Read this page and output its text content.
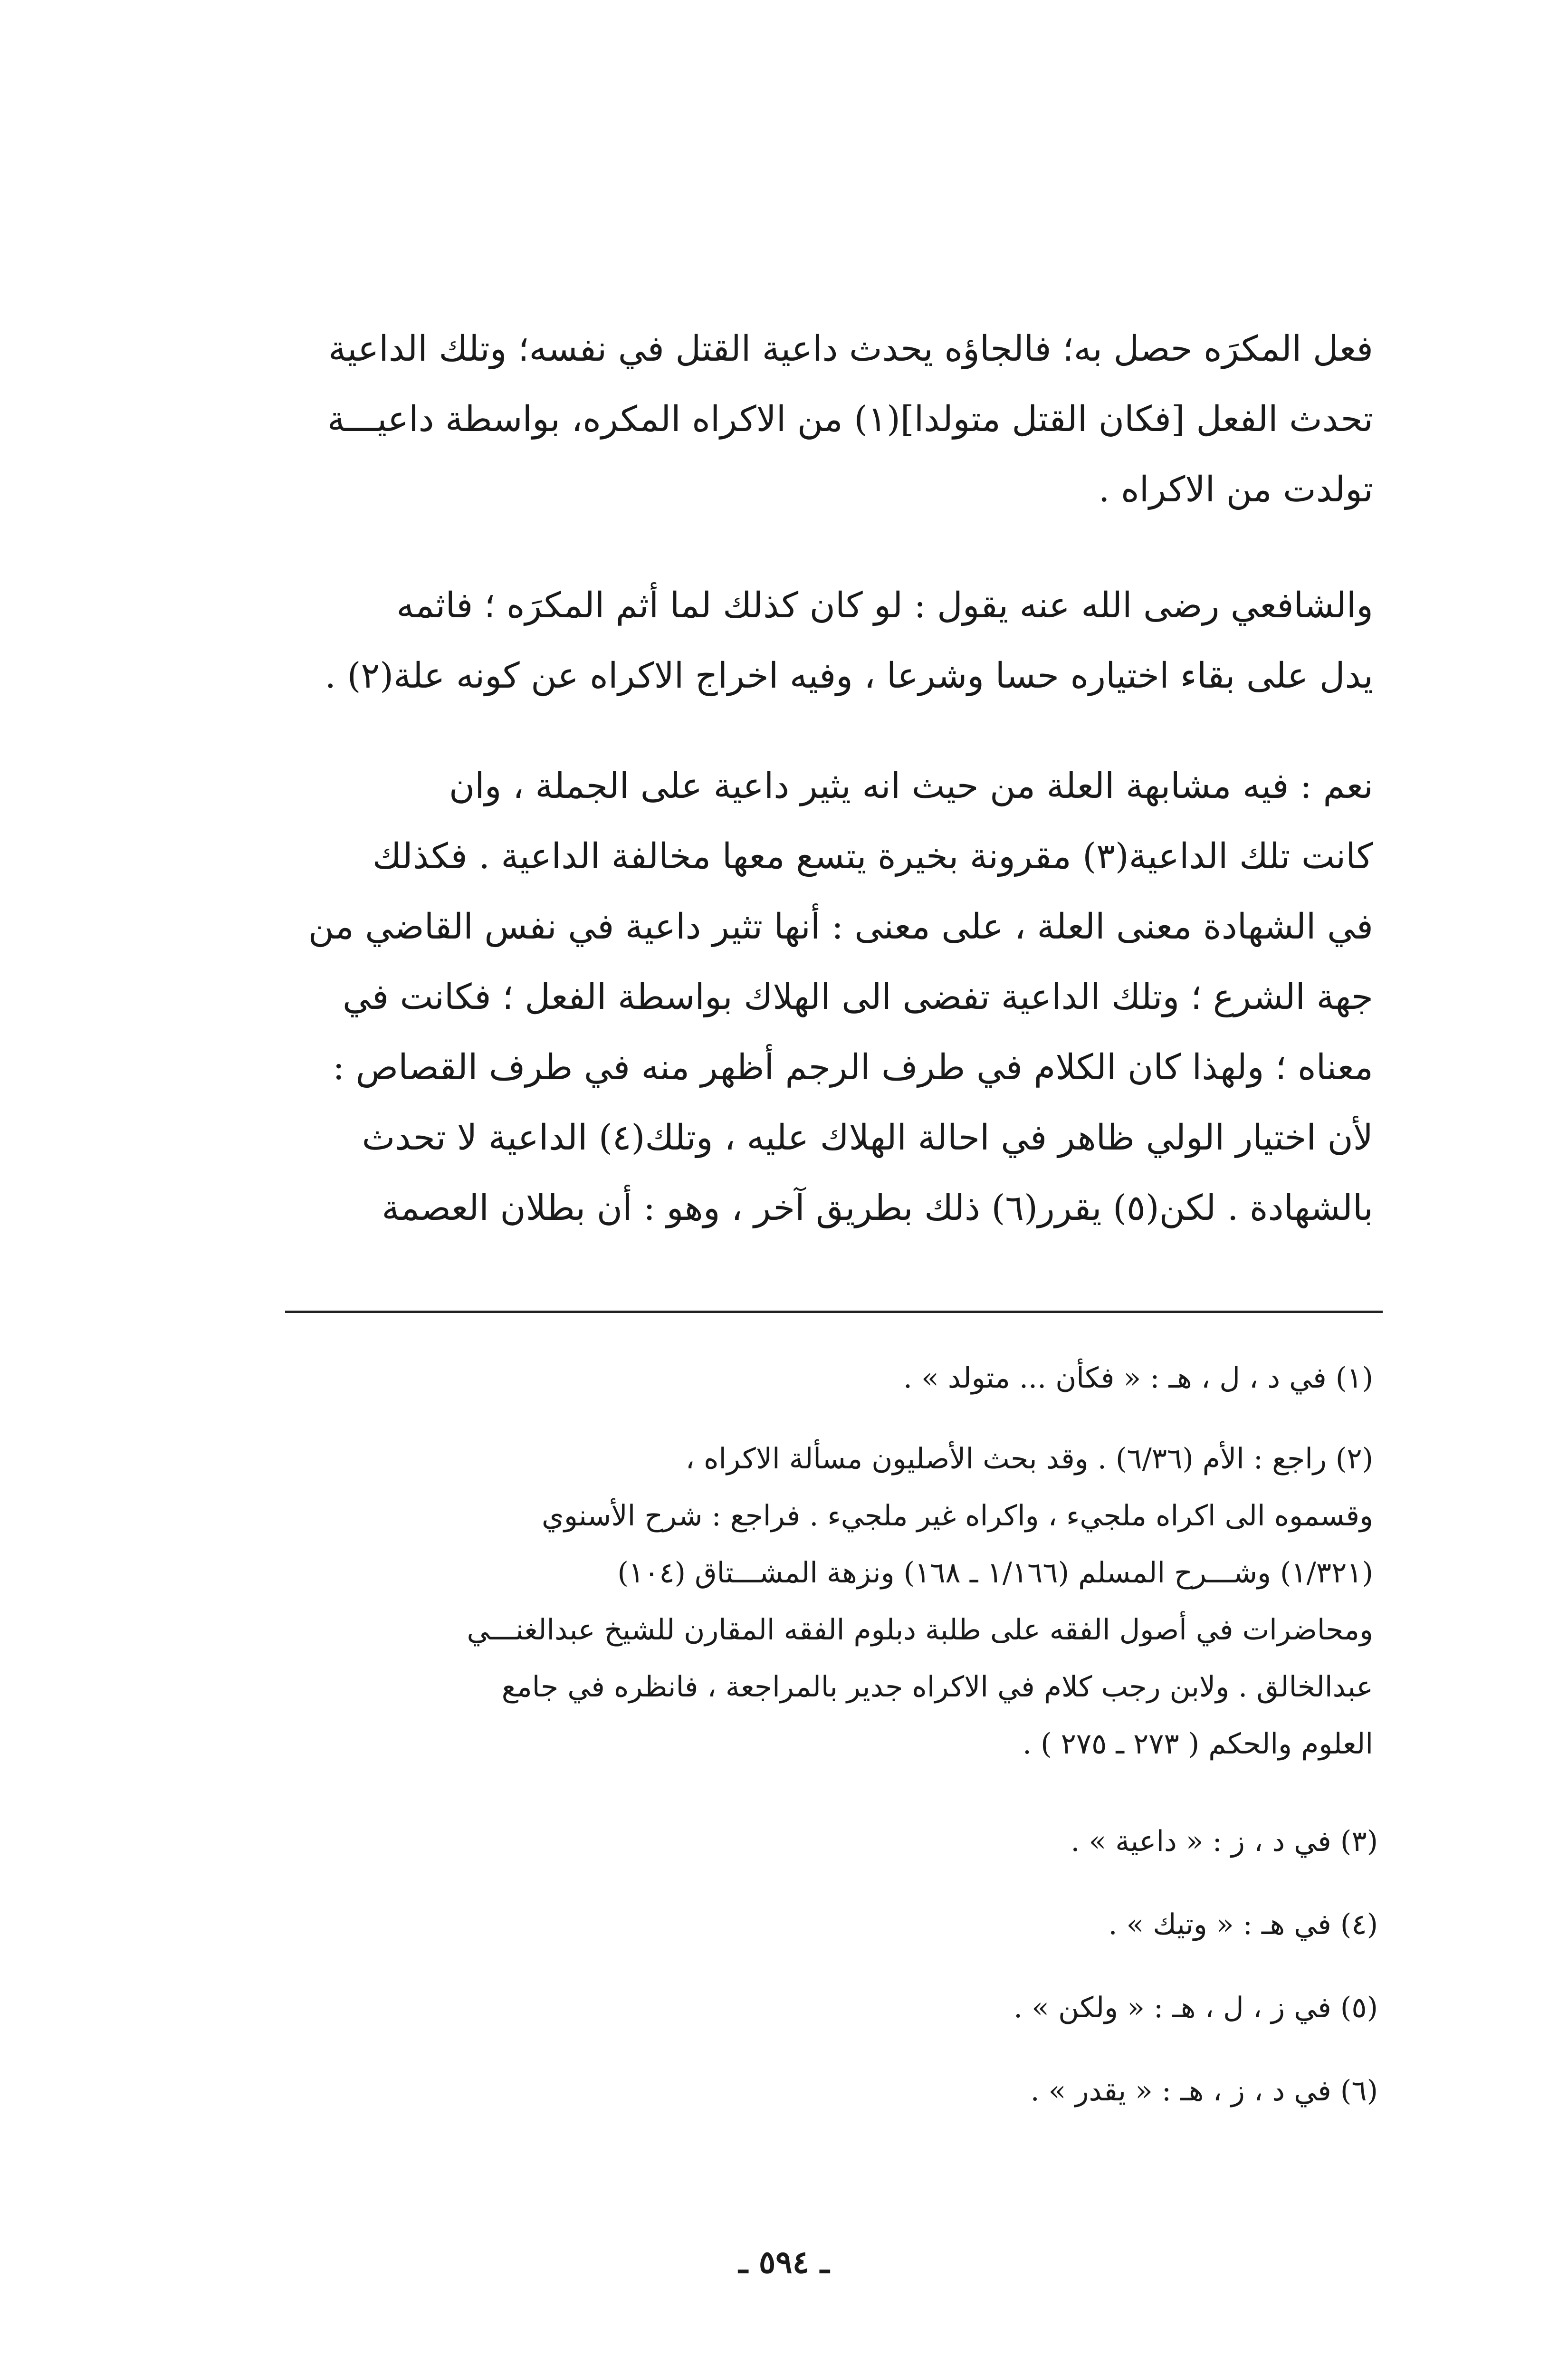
فعل المكرَه حصل به؛ فالجاؤه يحدث داعية القتل في نفسه؛ وتلك الداعية
تحدث الفعل [فكان القتل متولدا](١) من الاكراه المكره، بواسطة داعيـــة
تولدت من الاكراه .
والشافعي رضى الله عنه يقول : لو كان كذلك لما أثم المكرَه ؛ فاثمه
يدل على بقاء اختياره حسا وشرعا ، وفيه اخراج الاكراه عن كونه علة(٢) .
نعم : فيه مشابهة العلة من حيث انه يثير داعية على الجملة ، وان
كانت تلك الداعية(٣) مقرونة بخيرة يتسع معها مخالفة الداعية . فكذلك
في الشهادة معنى العلة ، على معنى : أنها تثير داعية في نفس القاضي من
جهة الشرع ؛ وتلك الداعية تفضى الى الهلاك بواسطة الفعل ؛ فكانت في
معناه ؛ ولهذا كان الكلام في طرف الرجم أظهر منه في طرف القصاص :
لأن اختيار الولي ظاهر في احالة الهلاك عليه ، وتلك(٤) الداعية لا تحدث
بالشهادة . لكن(٥) يقرر(٦) ذلك بطريق آخر ، وهو : أن بطلان العصمة
(١) في د ، ل ، هـ : « فكأن ... متولد » .
(٢) راجع : الأم (٦/٣٦) . وقد بحث الأصليون مسألة الاكراه ،
وقسموه الى اكراه ملجيء ، واكراه غير ملجيء . فراجع : شرح الأسنوي
(١/٣٢١) وشـــرح المسلم (١/١٦٦ ـ ١٦٨) ونزهة المشـــتاق (١٠٤)
ومحاضرات في أصول الفقه على طلبة دبلوم الفقه المقارن للشيخ عبدالغنـــي
عبدالخالق . ولابن رجب كلام في الاكراه جدير بالمراجعة ، فانظره في جامع
العلوم والحكم ( ٢٧٣ ـ ٢٧٥ ) .
(٣) في د ، ز : « داعية » .
(٤) في هـ : « وتيك » .
(٥) في ز ، ل ، هـ : « ولكن » .
(٦) في د ، ز ، هـ : « يقدر » .
ـ ٥٩٤ ـ
